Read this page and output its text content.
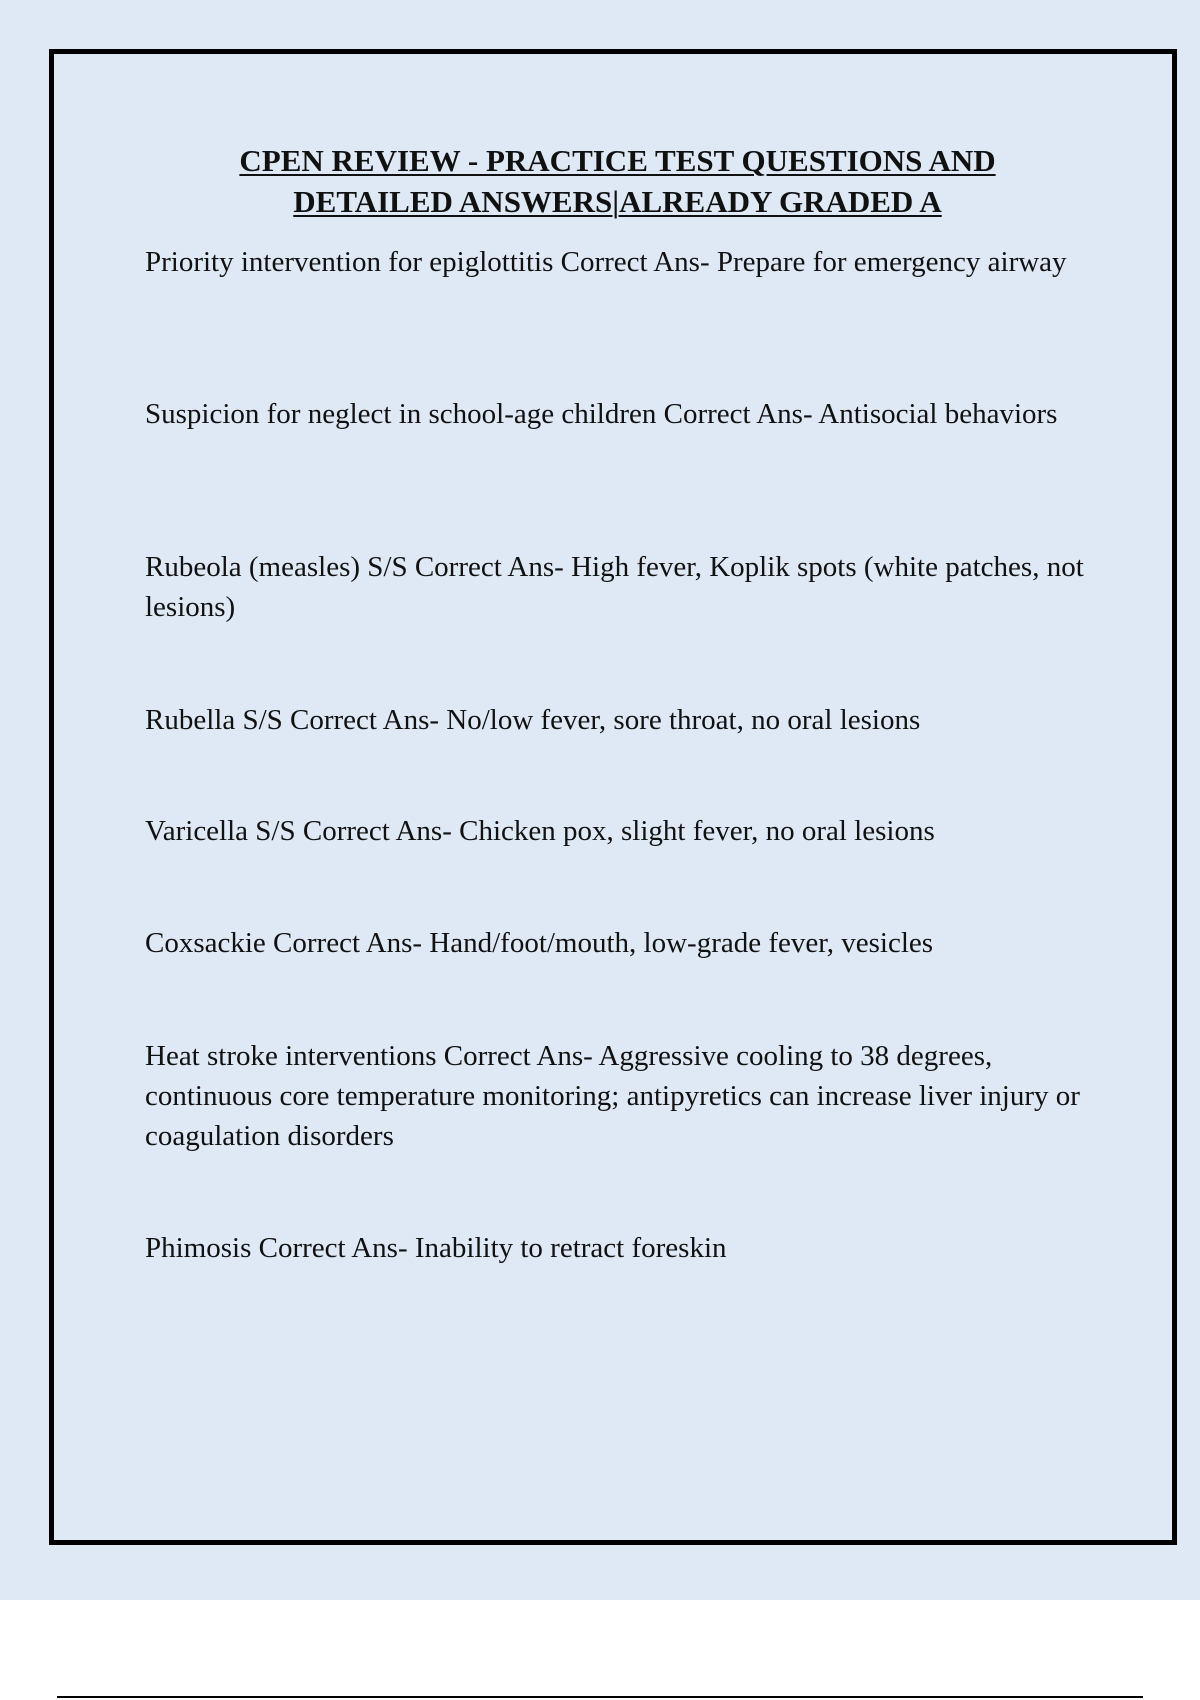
CPEN REVIEW - PRACTICE TEST QUESTIONS AND
DETAILED ANSWERS|ALREADY GRADED A

Priority intervention for epiglottitis Correct Ans- Prepare for emergency airway

Suspicion for neglect in school-age children Correct Ans- Antisocial behaviors

Rubeola (measles) S/S Correct Ans- High fever, Koplik spots (white patches, not lesions)

Rubella S/S Correct Ans- No/low fever, sore throat, no oral lesions

Varicella S/S Correct Ans- Chicken pox, slight fever, no oral lesions

Coxsackie Correct Ans- Hand/foot/mouth, low-grade fever, vesicles

Heat stroke interventions Correct Ans- Aggressive cooling to 38 degrees, continuous core temperature monitoring; antipyretics can increase liver injury or coagulation disorders

Phimosis Correct Ans- Inability to retract foreskin
